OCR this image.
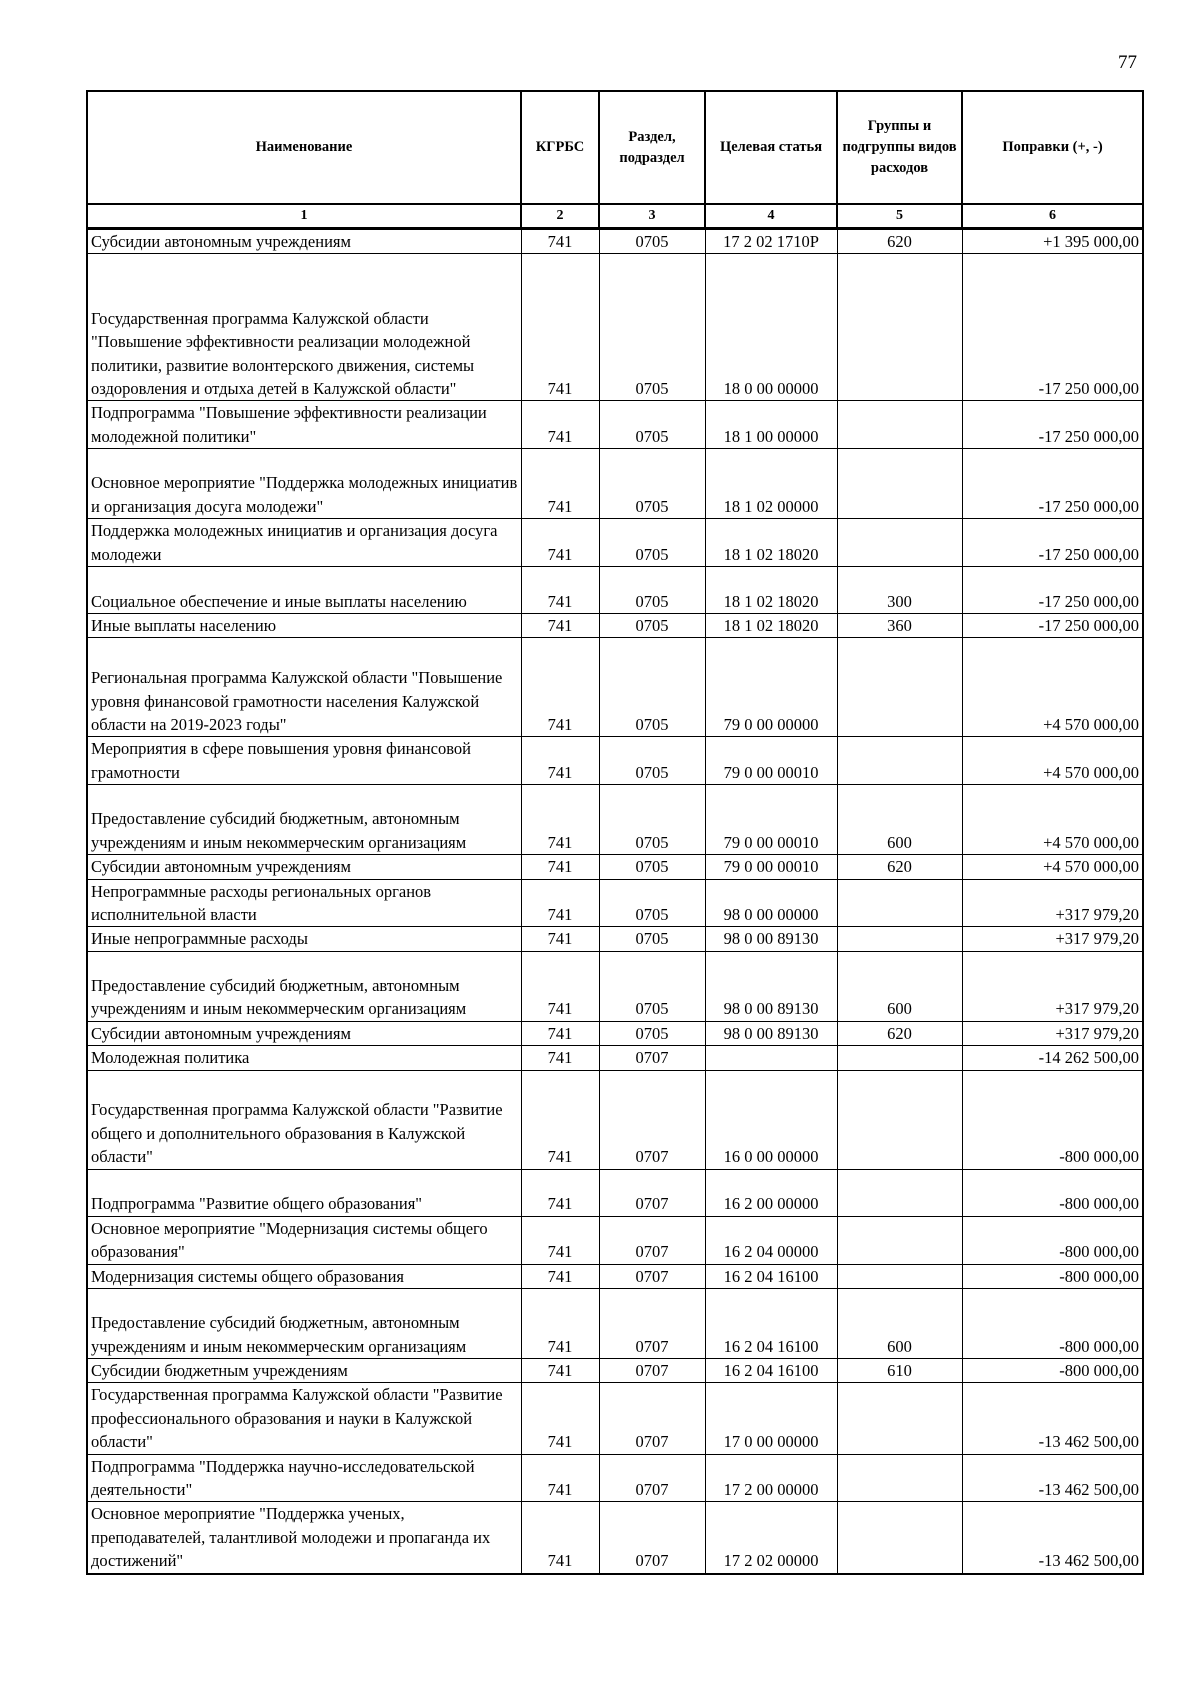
77
Наименование	КГРБС	Раздел, подраздел	Целевая статья	Группы и подгруппы видов расходов	Поправки (+, -)
1	2	3	4	5	6
Субсидии автономным учреждениям	741	0705	17 2 02 1710Р	620	+1 395 000,00
Государственная программа Калужской области "Повышение эффективности реализации молодежной политики, развитие волонтерского движения, системы оздоровления и отдыха детей в Калужской области"	741	0705	18 0 00 00000		-17 250 000,00
Подпрограмма "Повышение эффективности реализации молодежной политики"	741	0705	18 1 00 00000		-17 250 000,00
Основное мероприятие "Поддержка молодежных инициатив и организация досуга молодежи"	741	0705	18 1 02 00000		-17 250 000,00
Поддержка молодежных инициатив и организация досуга молодежи	741	0705	18 1 02 18020		-17 250 000,00
Социальное обеспечение и иные выплаты населению	741	0705	18 1 02 18020	300	-17 250 000,00
Иные выплаты населению	741	0705	18 1 02 18020	360	-17 250 000,00
Региональная программа Калужской области "Повышение уровня финансовой грамотности населения Калужской области на 2019-2023 годы"	741	0705	79 0 00 00000		+4 570 000,00
Мероприятия в сфере повышения уровня финансовой грамотности	741	0705	79 0 00 00010		+4 570 000,00
Предоставление субсидий бюджетным, автономным учреждениям и иным некоммерческим организациям	741	0705	79 0 00 00010	600	+4 570 000,00
Субсидии автономным учреждениям	741	0705	79 0 00 00010	620	+4 570 000,00
Непрограммные расходы региональных органов исполнительной власти	741	0705	98 0 00 00000		+317 979,20
Иные непрограммные расходы	741	0705	98 0 00 89130		+317 979,20
Предоставление субсидий бюджетным, автономным учреждениям и иным некоммерческим организациям	741	0705	98 0 00 89130	600	+317 979,20
Субсидии автономным учреждениям	741	0705	98 0 00 89130	620	+317 979,20
Молодежная политика	741	0707			-14 262 500,00
Государственная программа Калужской области "Развитие общего и дополнительного образования в Калужской области"	741	0707	16 0 00 00000		-800 000,00
Подпрограмма "Развитие общего образования"	741	0707	16 2 00 00000		-800 000,00
Основное мероприятие "Модернизация системы общего образования"	741	0707	16 2 04 00000		-800 000,00
Модернизация системы общего образования	741	0707	16 2 04 16100		-800 000,00
Предоставление субсидий бюджетным, автономным учреждениям и иным некоммерческим организациям	741	0707	16 2 04 16100	600	-800 000,00
Субсидии бюджетным учреждениям	741	0707	16 2 04 16100	610	-800 000,00
Государственная программа Калужской области "Развитие профессионального образования и науки в Калужской области"	741	0707	17 0 00 00000		-13 462 500,00
Подпрограмма "Поддержка научно-исследовательской деятельности"	741	0707	17 2 00 00000		-13 462 500,00
Основное мероприятие "Поддержка ученых, преподавателей, талантливой молодежи и пропаганда их достижений"	741	0707	17 2 02 00000		-13 462 500,00
